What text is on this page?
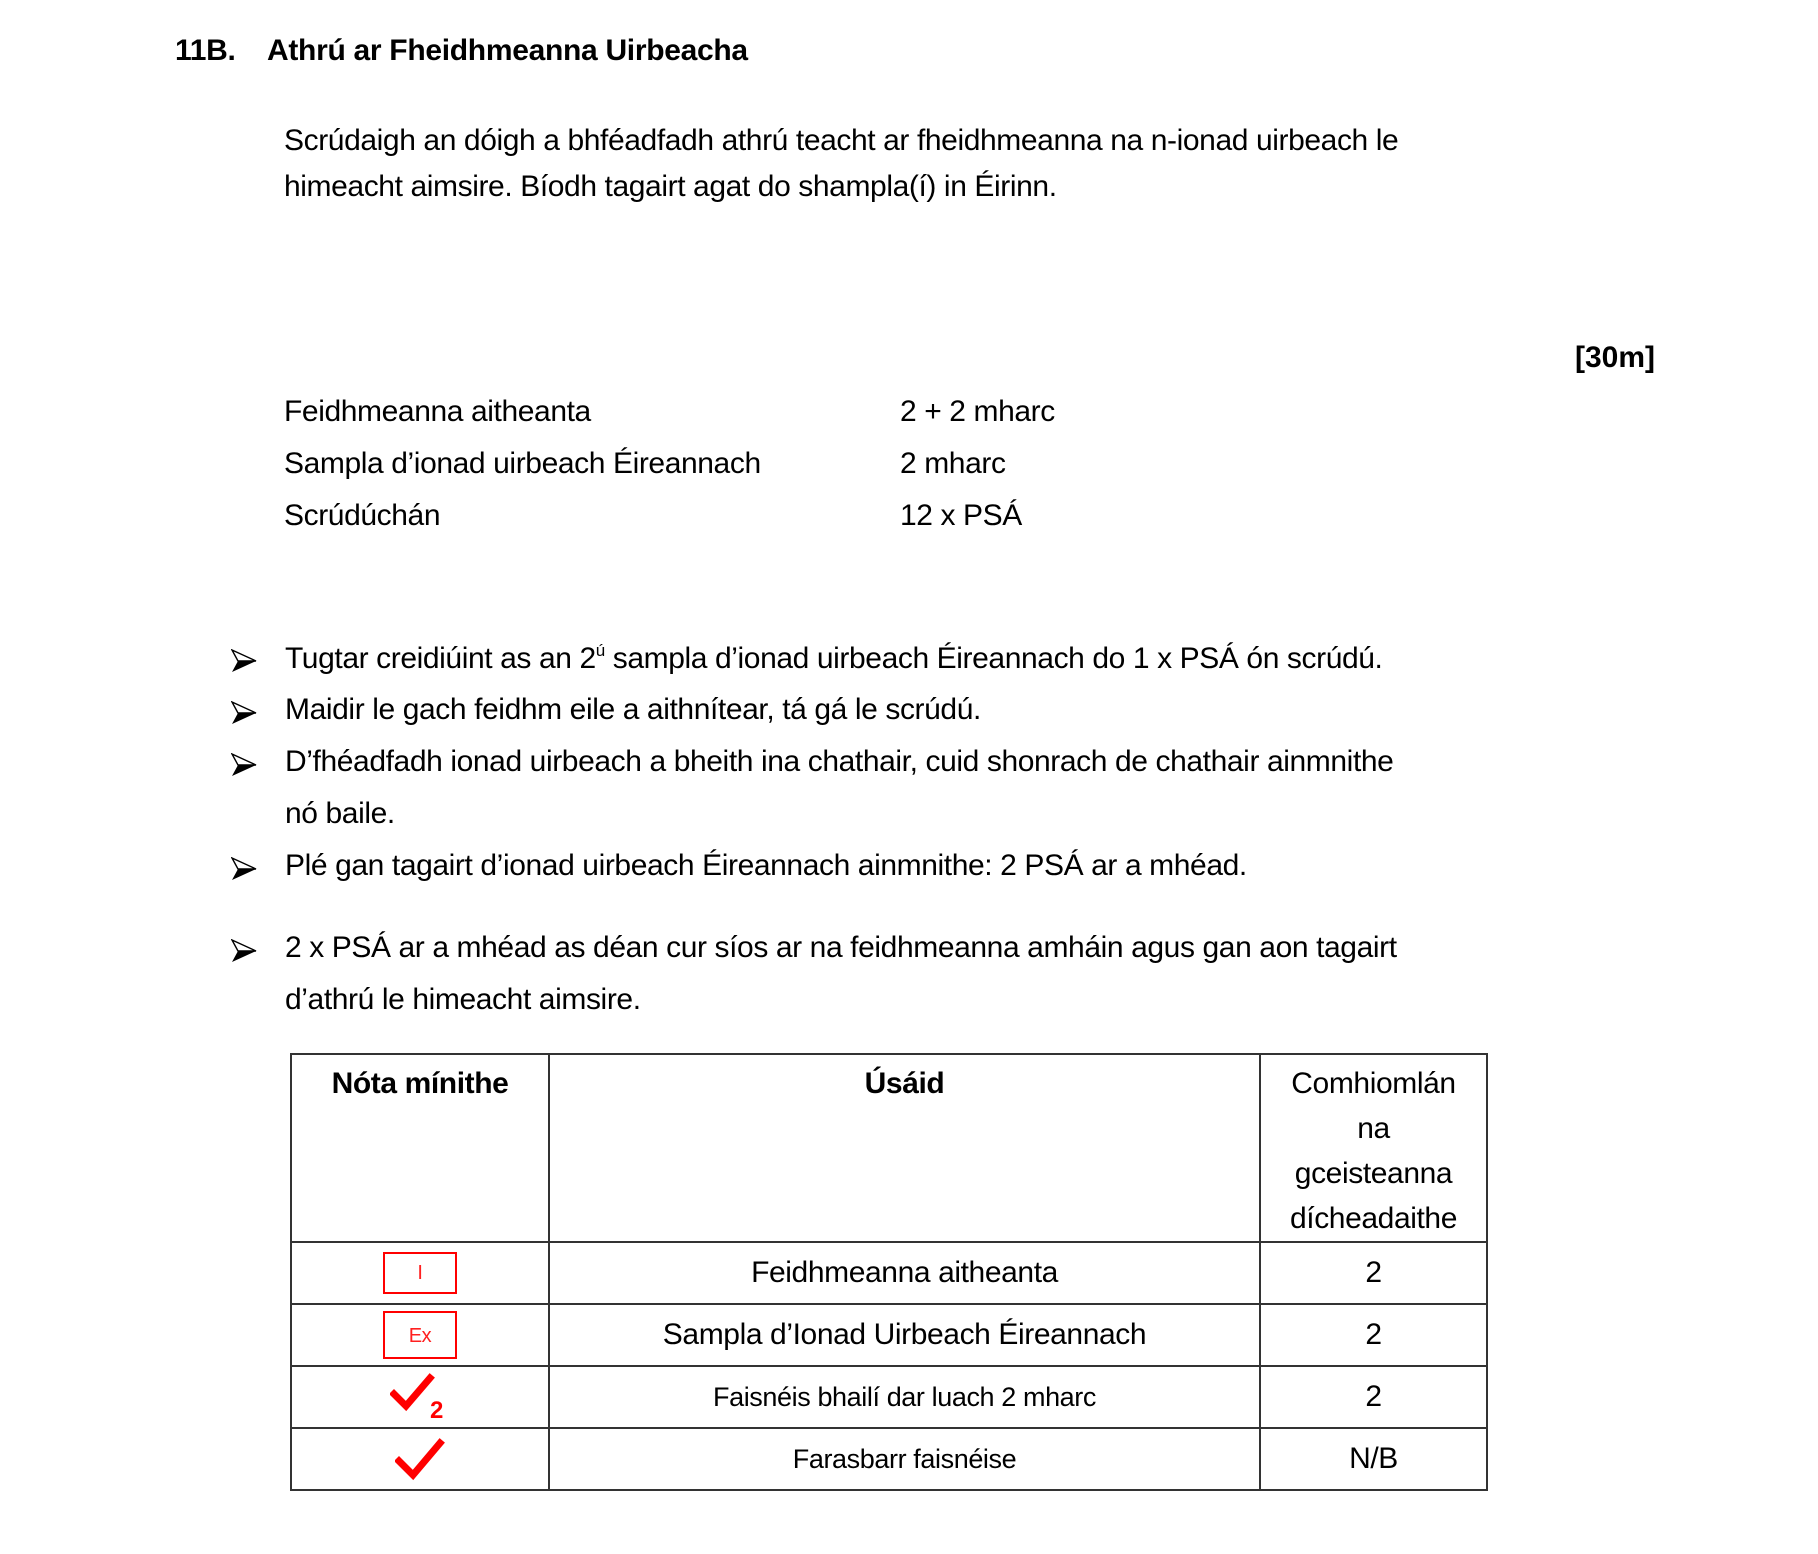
11B. Athrú ar Fheidhmeanna Uirbeacha
Scrúdaigh an dóigh a bhféadfadh athrú teacht ar fheidhmeanna na n-ionad uirbeach le
himeacht aimsire. Bíodh tagairt agat do shampla(í) in Éirinn.
[30m]
Feidhmeanna aitheanta	2 + 2 mharc
Sampla d’ionad uirbeach Éireannach	2 mharc
Scrúdúchán	12 x PSÁ
Tugtar creidiúint as an $2^ú$ sampla d’ionad uirbeach Éireannach do 1 x PSÁ ón scrúdú.
Maidir le gach feidhm eile a aithnítear, tá gá le scrúdú.
D’fhéadfadh ionad uirbeach a bheith ina chathair, cuid shonrach de chathair ainmnithe
nó baile.
Plé gan tagairt d’ionad uirbeach Éireannach ainmnithe: 2 PSÁ ar a mhéad.
2 x PSÁ ar a mhéad as déan cur síos ar na feidhmeanna amháin agus gan aon tagairt
d’athrú le himeacht aimsire.
Nóta mínithe	Úsáid	Comhiomlán
na
gceisteanna
dícheadaithe

I	Feidhmeanna aitheanta	2
Ex	Sampla d’Ionad Uirbeach Éireannach	2

2	Faisnéis bhailí dar luach 2 mharc	2
	Farasbarr faisnéise	N/B
